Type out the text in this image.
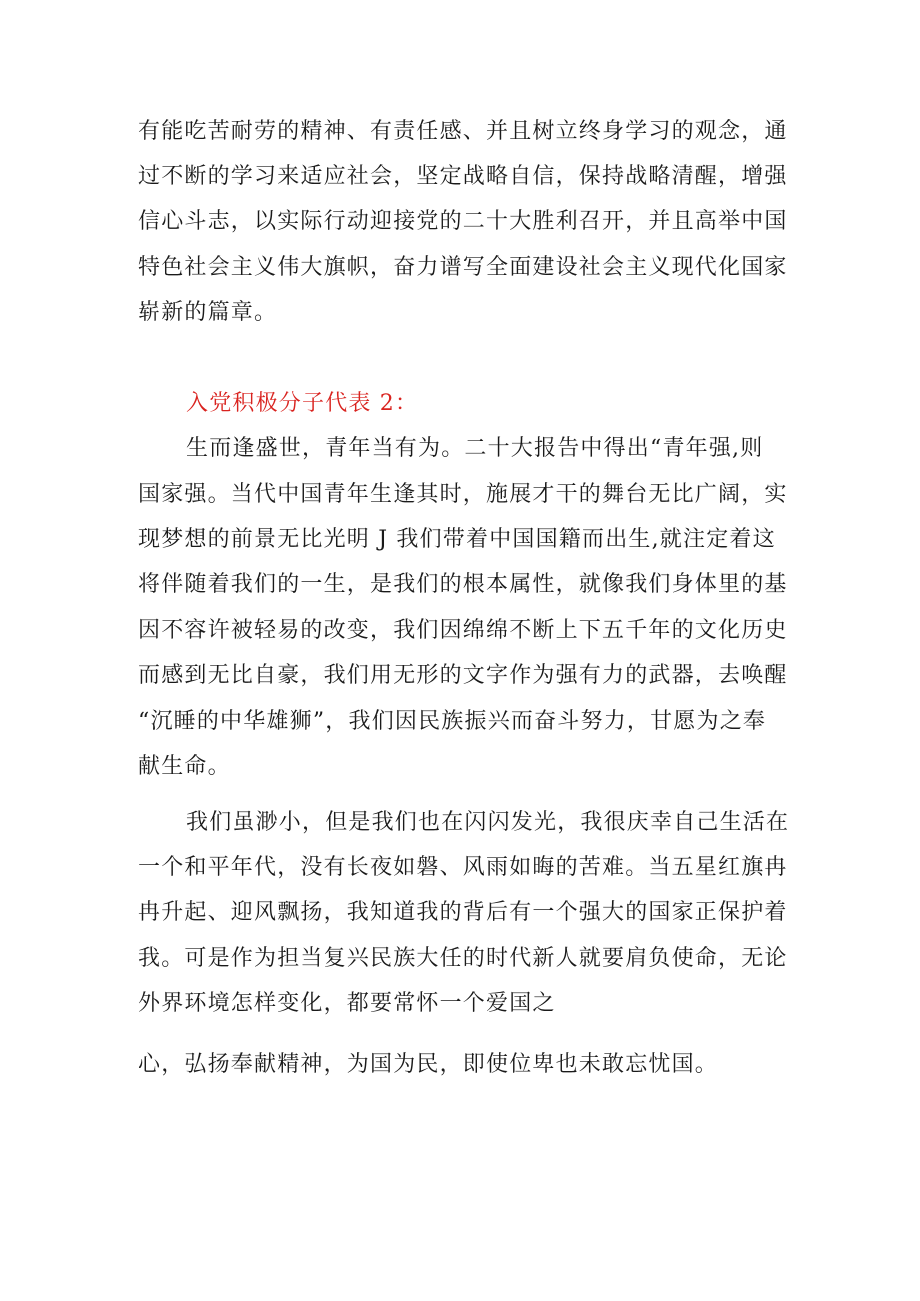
有能吃苦耐劳的精神、有责任感、并且树立终身学习的观念，通
过不断的学习来适应社会，坚定战略自信，保持战略清醒，增强
信心斗志，以实际行动迎接党的二十大胜利召开，并且高举中国
特色社会主义伟大旗帜，奋力谱写全面建设社会主义现代化国家
崭新的篇章。
入党积极分子代表 2：
生而逢盛世，青年当有为。二十大报告中得出“青年强,则
国家强。当代中国青年生逢其时，施展才干的舞台无比广阔，实
现梦想的前景无比光明 J 我们带着中国国籍而出生,就注定着这
将伴随着我们的一生，是我们的根本属性，就像我们身体里的基
因不容许被轻易的改变，我们因绵绵不断上下五千年的文化历史
而感到无比自豪，我们用无形的文字作为强有力的武器，去唤醒
“沉睡的中华雄狮”，我们因民族振兴而奋斗努力，甘愿为之奉
献生命。
我们虽渺小，但是我们也在闪闪发光，我很庆幸自己生活在
一个和平年代，没有长夜如磐、风雨如晦的苦难。当五星红旗冉
冉升起、迎风飘扬，我知道我的背后有一个强大的国家正保护着
我。可是作为担当复兴民族大任的时代新人就要肩负使命，无论
外界环境怎样变化，都要常怀一个爱国之
心，弘扬奉献精神，为国为民，即使位卑也未敢忘忧国。
